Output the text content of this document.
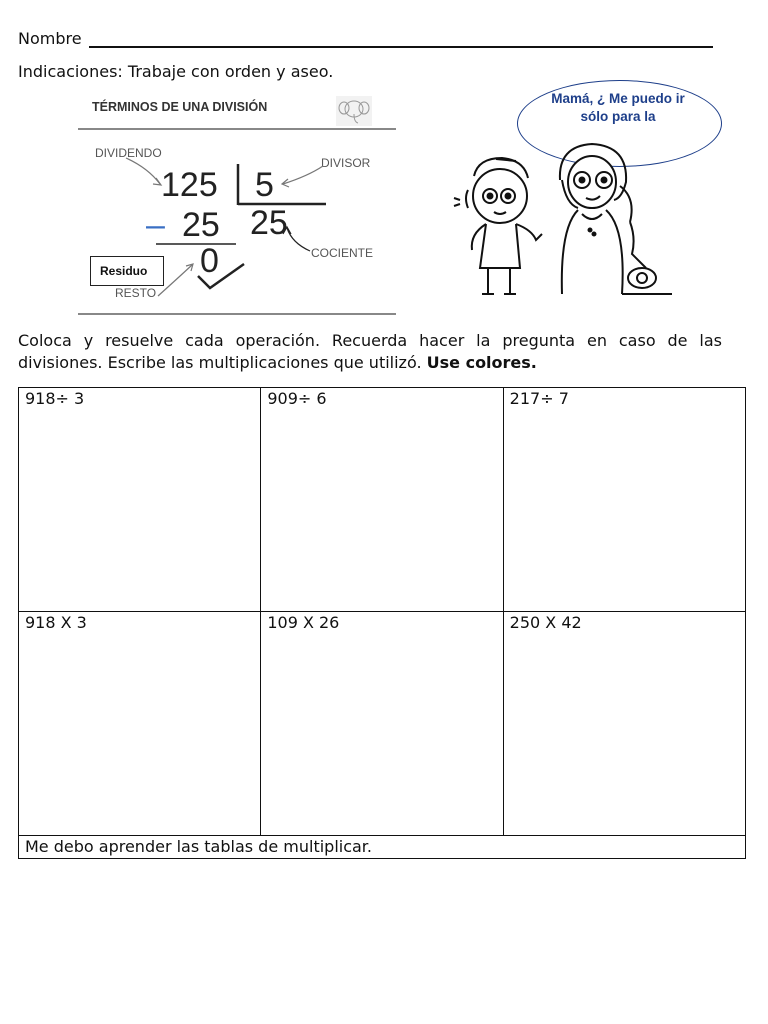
Nombre
Indicaciones: Trabaje con orden y aseo.
TÉRMINOS DE UNA DIVISIÓN
DIVIDENDO
DIVISOR
COCIENTE
RESTO
125 5
– 25 25
0
Residuo
Mamá, ¿ Me puedo ir sólo para la
Coloca y resuelve cada operación. Recuerda hacer la pregunta en caso de las divisiones. Escribe las multiplicaciones que utilizó. Use colores.
918÷ 3	909÷ 6	217÷ 7
918 X 3	109 X 26	250 X 42
Me debo aprender las tablas de multiplicar.		
